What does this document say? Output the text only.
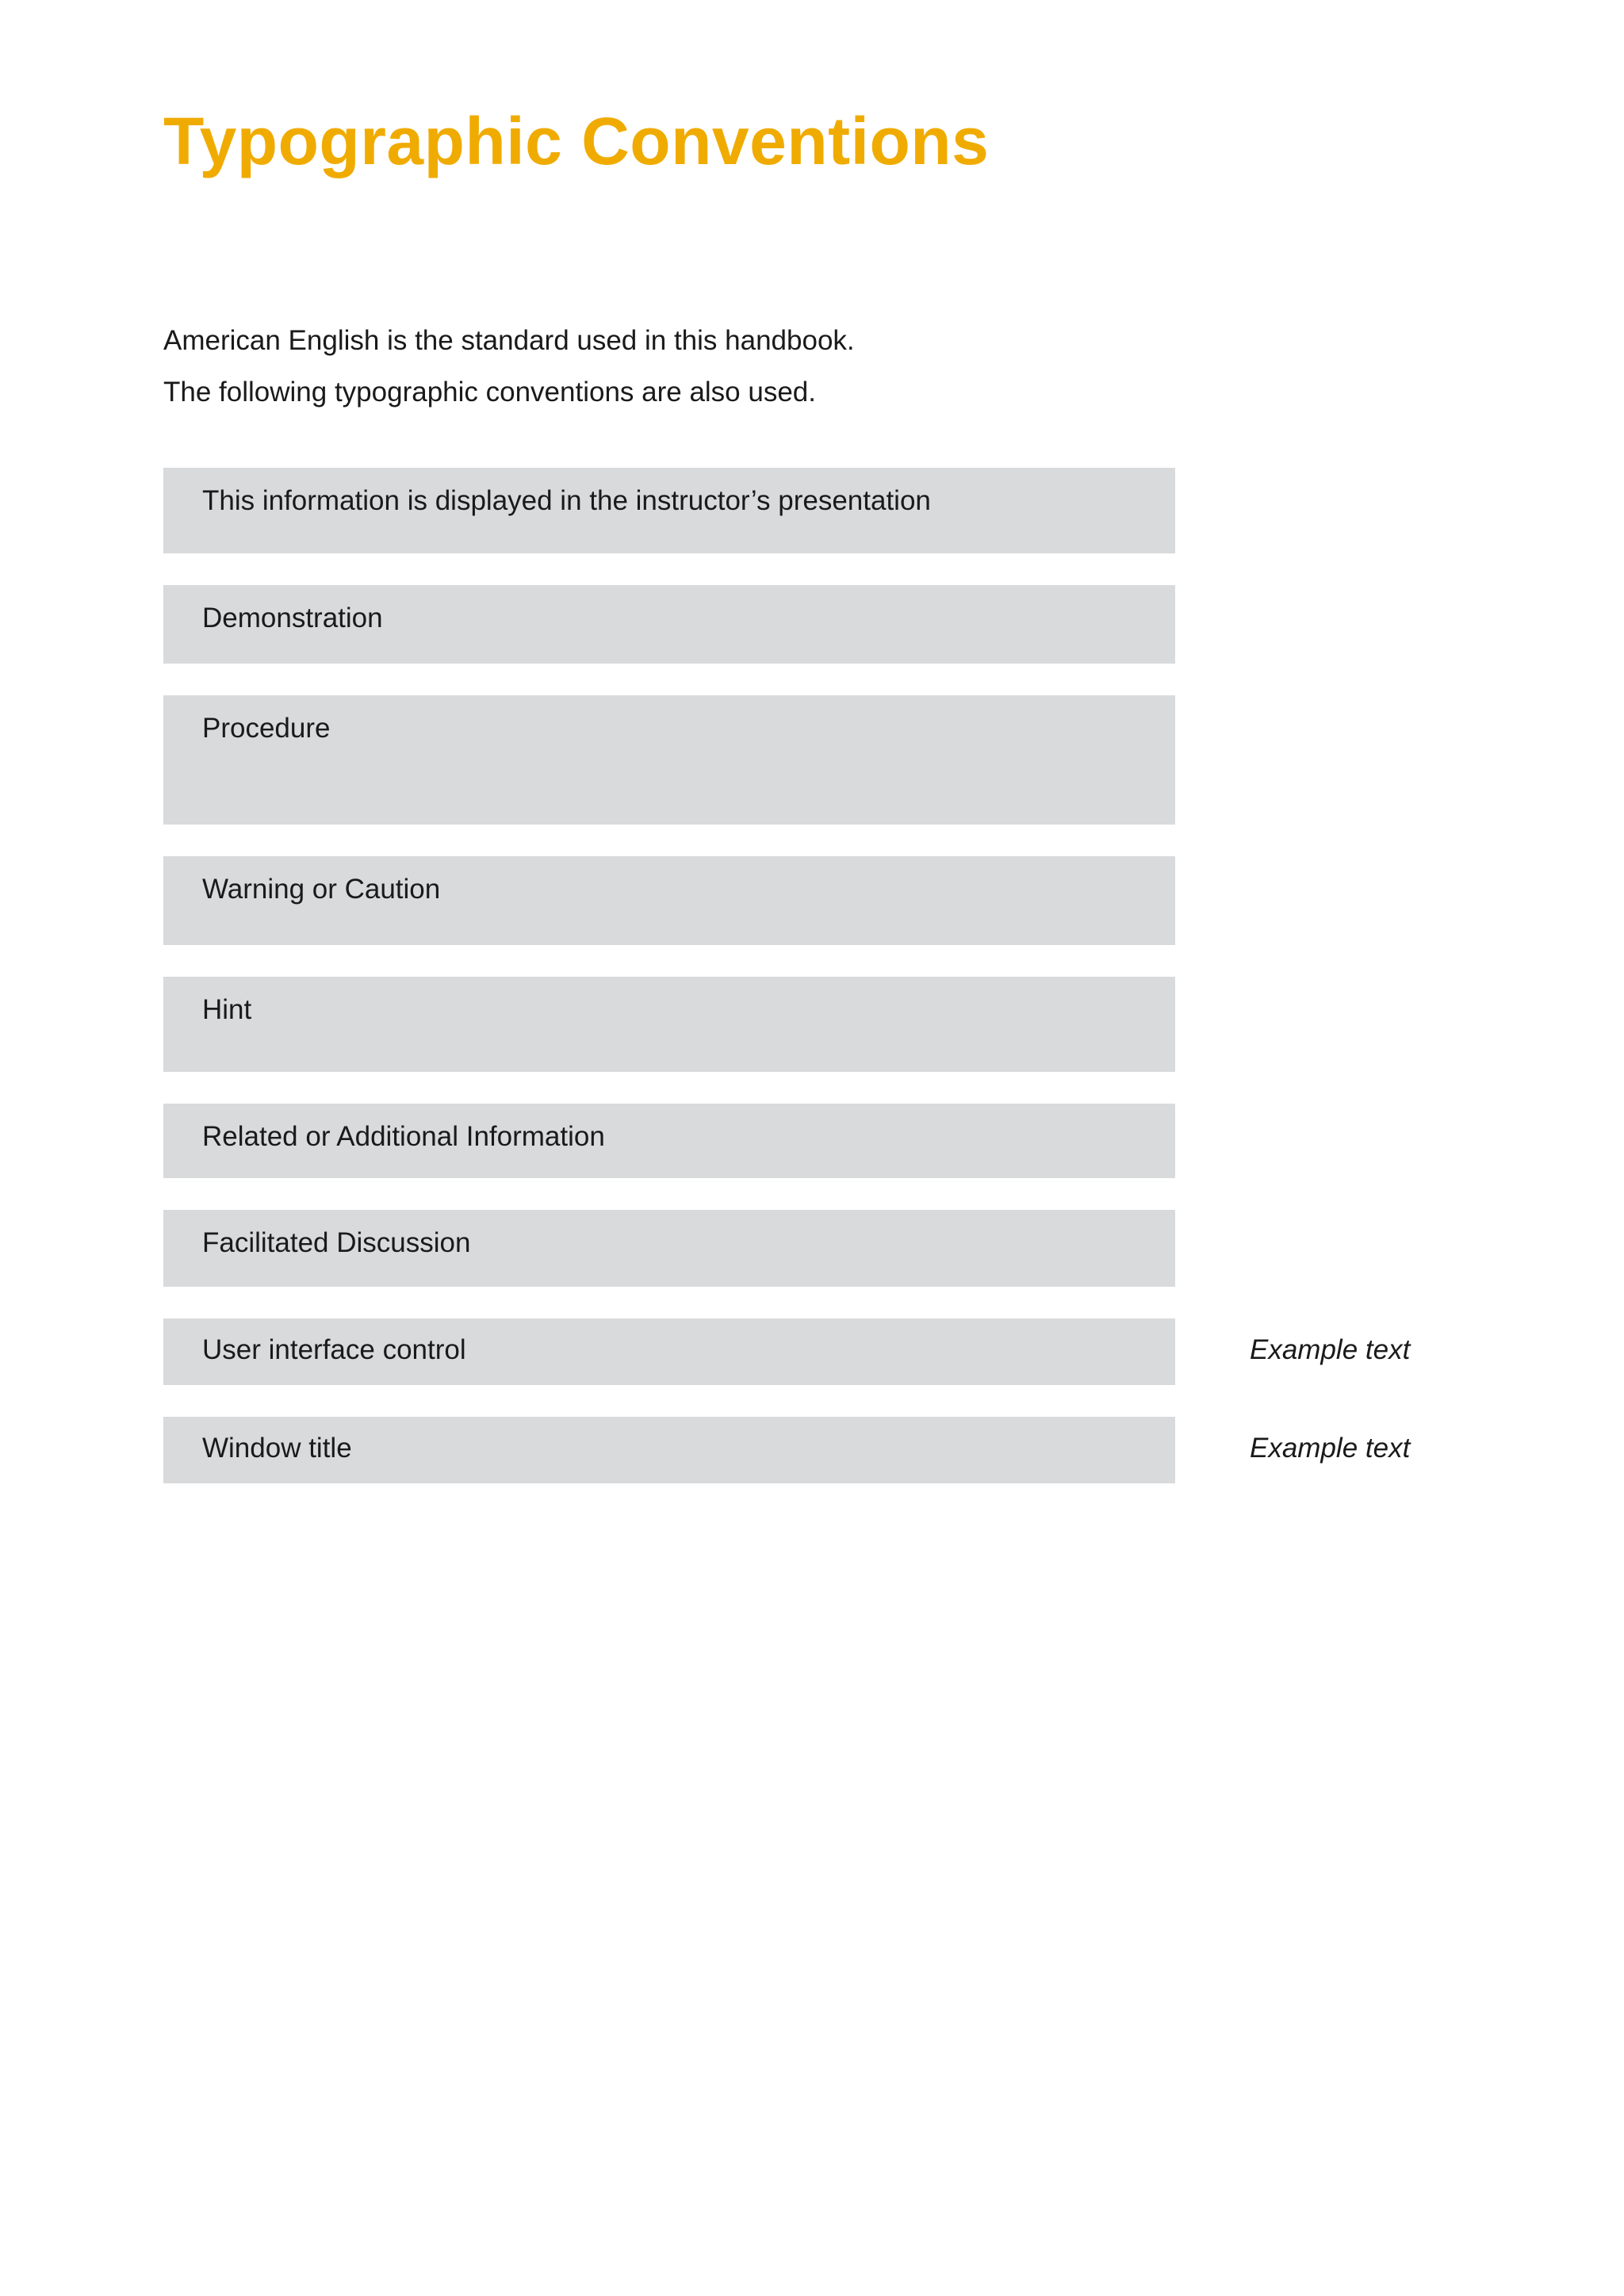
Typographic Conventions

American English is the standard used in this handbook.

The following typographic conventions are also used.

This information is displayed in the instructor’s presentation
Demonstration
Procedure
Warning or Caution
Hint
Related or Additional Information
Facilitated Discussion
User interface control	Example text
Window title	Example text
